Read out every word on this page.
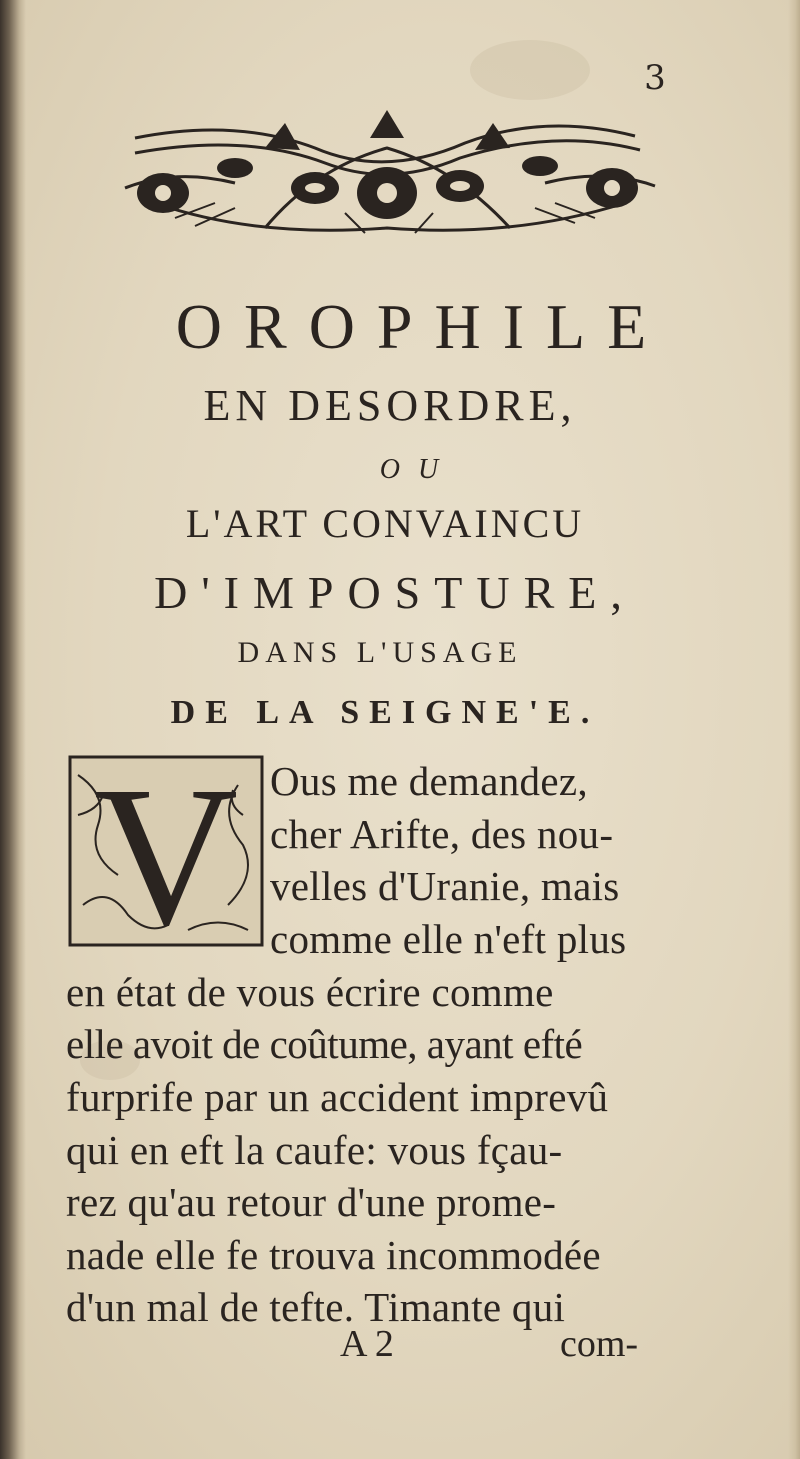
3
OROPHILE
EN DESORDRE,
OU
L'ART CONVAINCU
D'IMPOSTURE,
DANS L'USAGE
DE LA SEIGNE'E.
V Ous me demandez,
cher Arifte, des nou-
velles d'Uranie, mais
comme elle n'eft plus
en état de vous écrire comme
elle avoit de coûtume, ayant efté
furprife par un accident imprevû
qui en eft la caufe: vous fçau-
rez qu'au retour d'une prome-
nade elle fe trouva incommodée
d'un mal de tefte. Timante qui
A 2	com-
